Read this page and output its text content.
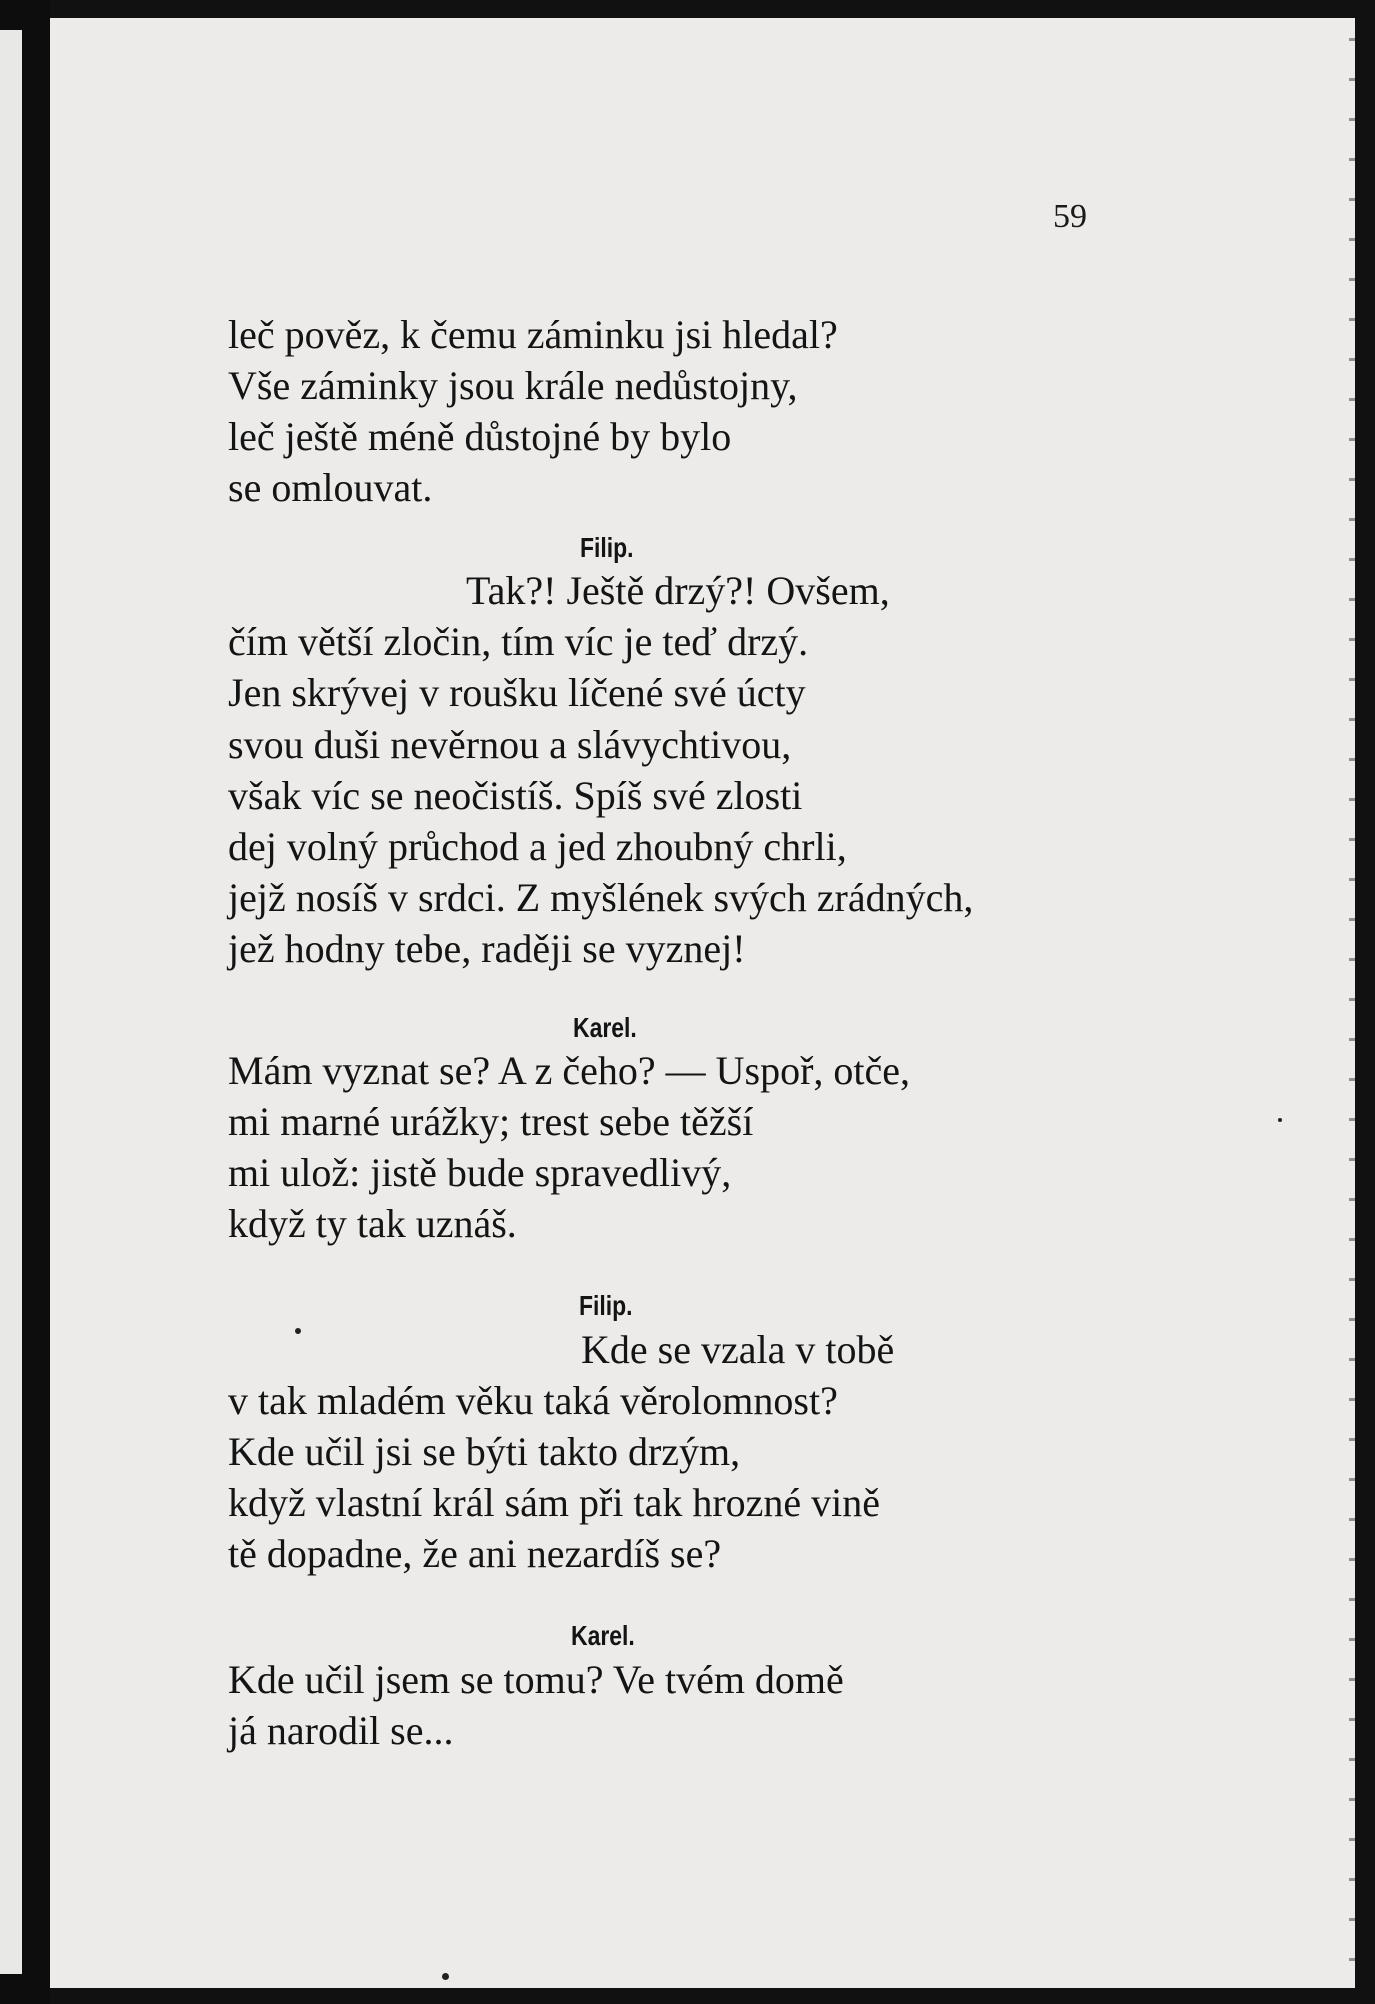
59
leč pověz, k čemu záminku jsi hledal?
Vše záminky jsou krále nedůstojny,
leč ještě méně důstojné by bylo
se omlouvat.
Filip.
Tak?! Ještě drzý?! Ovšem,
čím větší zločin, tím víc je teď drzý.
Jen skrývej v roušku líčené své úcty
svou duši nevěrnou a slávychtivou,
však víc se neočistíš. Spíš své zlosti
dej volný průchod a jed zhoubný chrli,
jejž nosíš v srdci. Z myšlének svých zrádných,
jež hodny tebe, raději se vyznej!
Karel.
Mám vyznat se? A z čeho? — Uspoř, otče,
mi marné urážky; trest sebe těžší
mi ulož: jistě bude spravedlivý,
když ty tak uznáš.
Filip.
Kde se vzala v tobě
v tak mladém věku taká věrolomnost?
Kde učil jsi se býti takto drzým,
když vlastní král sám při tak hrozné vině
tě dopadne, že ani nezardíš se?
Karel.
Kde učil jsem se tomu? Ve tvém domě
já narodil se...
